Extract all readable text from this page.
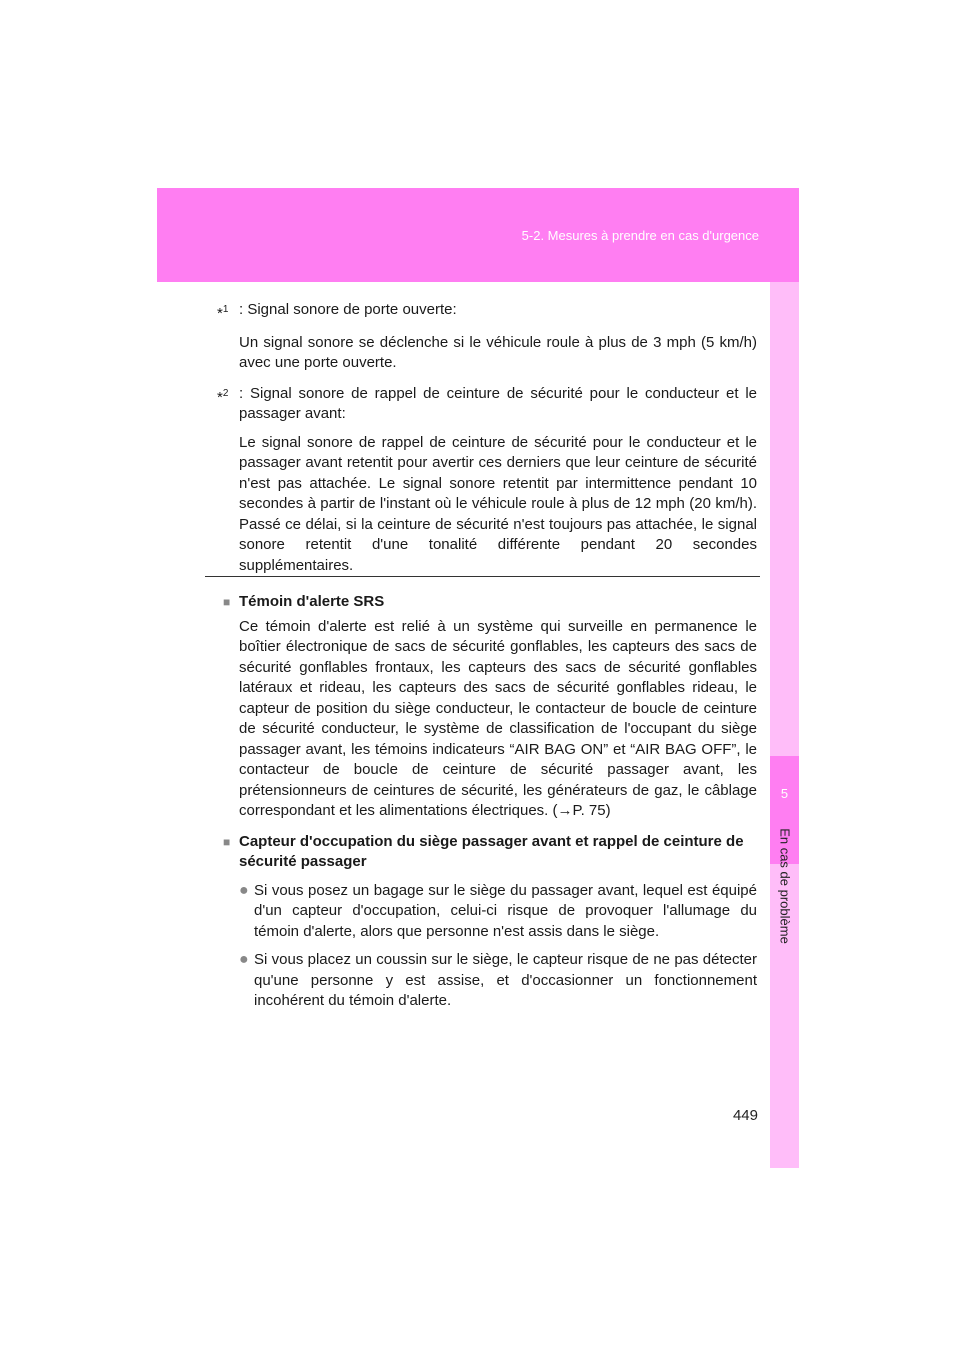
5-2. Mesures à prendre en cas d'urgence
5
En cas de problème

*$^1$ : Signal sonore de porte ouverte:

Un signal sonore se déclenche si le véhicule roule à plus de 3 mph (5 km/h) avec une porte ouverte.

*$^2$ : Signal sonore de rappel de ceinture de sécurité pour le conducteur et le passager avant:

Le signal sonore de rappel de ceinture de sécurité pour le conducteur et le passager avant retentit pour avertir ces derniers que leur ceinture de sécurité n'est pas attachée. Le signal sonore retentit par intermittence pendant 10 secondes à partir de l'instant où le véhicule roule à plus de 12 mph (20 km/h). Passé ce délai, si la ceinture de sécurité n'est toujours pas attachée, le signal sonore retentit d'une tonalité différente pendant 20 secondes supplémentaires.

■ Témoin d'alerte SRS

Ce témoin d'alerte est relié à un système qui surveille en permanence le boîtier électronique de sacs de sécurité gonflables, les capteurs des sacs de sécurité gonflables frontaux, les capteurs des sacs de sécurité gonflables latéraux et rideau, les capteurs des sacs de sécurité gonflables rideau, le capteur de position du siège conducteur, le contacteur de boucle de ceinture de sécurité conducteur, le système de classification de l'occupant du siège passager avant, les témoins indicateurs “AIR BAG ON” et “AIR BAG OFF”, le contacteur de boucle de ceinture de sécurité passager avant, les prétensionneurs de ceintures de sécurité, les générateurs de gaz, le câblage correspondant et les alimentations électriques. (→P. 75)

■ Capteur d'occupation du siège passager avant et rappel de ceinture de sécurité passager
● Si vous posez un bagage sur le siège du passager avant, lequel est équipé d'un capteur d'occupation, celui-ci risque de provoquer l'allumage du témoin d'alerte, alors que personne n'est assis dans le siège.

● Si vous placez un coussin sur le siège, le capteur risque de ne pas détecter qu'une personne y est assise, et d'occasionner un fonctionnement incohérent du témoin d'alerte.

449
